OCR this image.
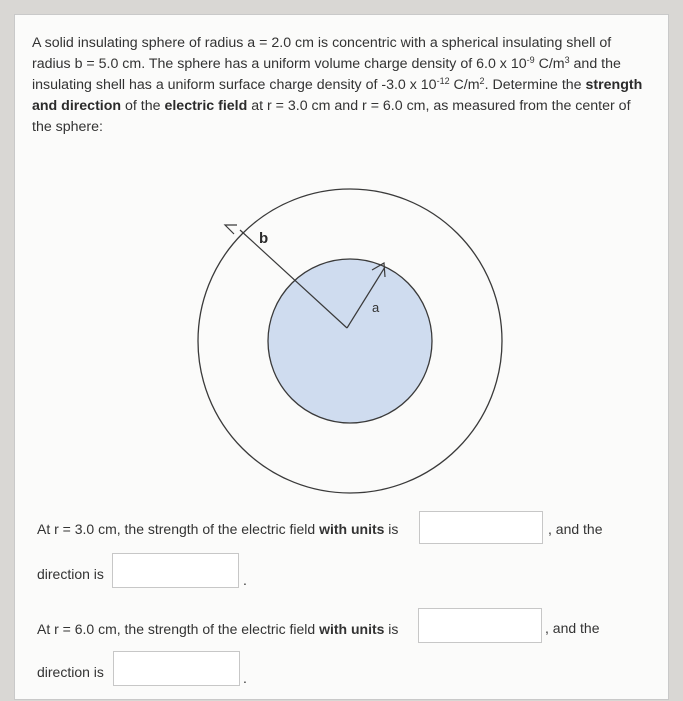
A solid insulating sphere of radius a = 2.0 cm is concentric with a spherical insulating shell of radius b = 5.0 cm. The sphere has a uniform volume charge density of 6.0 x $10^{-9}$ $C/m^3$ and the insulating shell has a uniform surface charge density of -3.0 x $10^{-12}$ $C/m^2$. Determine the strength and direction of the electric field at r = 3.0 cm and r = 6.0 cm, as measured from the center of the sphere:

b
a
At r = 3.0 cm, the strength of the electric field with units is	, and the
direction is	.
At r = 6.0 cm, the strength of the electric field with units is	, and the
direction is	.
